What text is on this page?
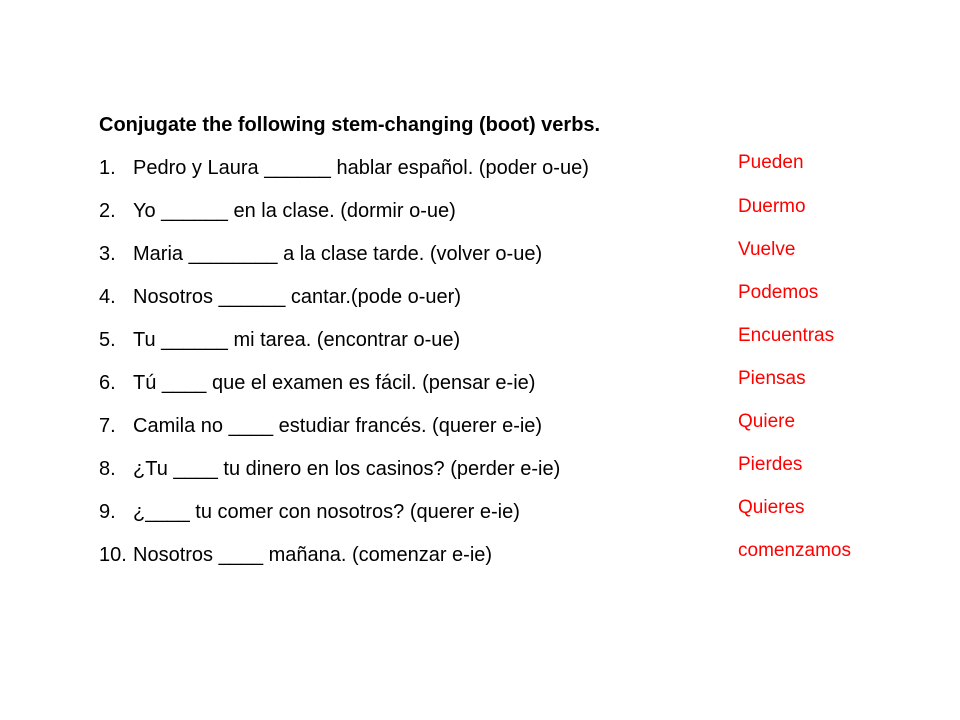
Conjugate the following stem-changing (boot) verbs.
1. Pedro y Laura ______ hablar español. (poder o-ue)
2. Yo ______ en la clase. (dormir o-ue)
3. Maria ________ a la clase tarde. (volver o-ue)
4. Nosotros ______ cantar.(pode o-uer)
5. Tu ______ mi tarea. (encontrar o-ue)
6. Tú ____ que el examen es fácil. (pensar e-ie)
7. Camila no ____ estudiar francés. (querer e-ie)
8. ¿Tu ____ tu dinero en los casinos? (perder e-ie)
9. ¿____ tu comer con nosotros? (querer e-ie)
10. Nosotros ____ mañana. (comenzar e-ie)
Pueden
Duermo
Vuelve
Podemos
Encuentras
Piensas
Quiere
Pierdes
Quieres
comenzamos
